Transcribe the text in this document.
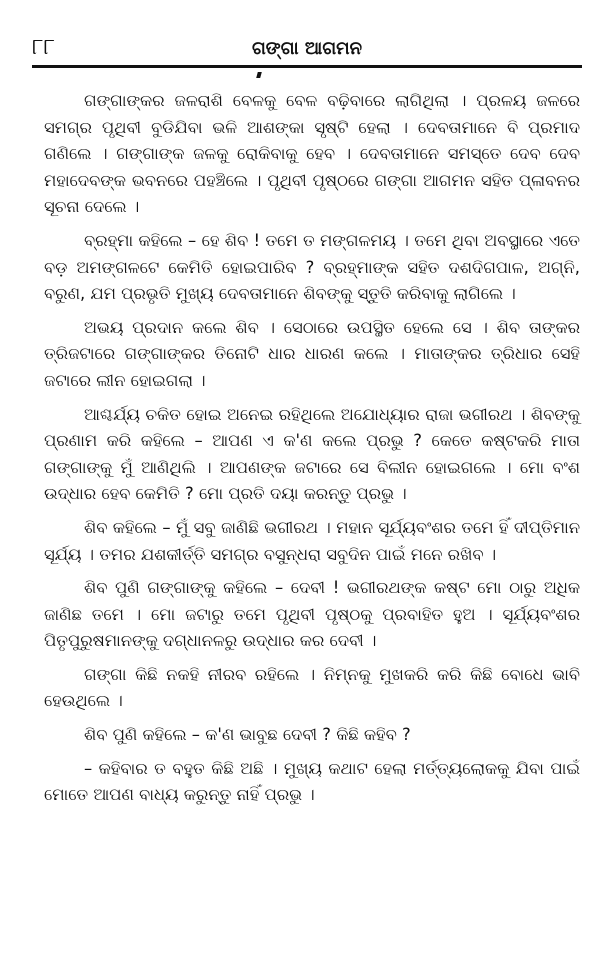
୮୮	ଗଙ୍ଗା ଆଗମନ

ଗଙ୍ଗାଙ୍କର ଜଳରାଶି ବେଳକୁ ବେଳ ବଢ଼ିବାରେ ଲାଗିଥିଲା । ପ୍ରଳୟ ଜଳରେ ସମଗ୍ର ପୃଥିବୀ ବୁଡିଯିବା ଭଳି ଆଶଙ୍କା ସୃଷ୍ଟି ହେଲା । ଦେବତାମାନେ ବି ପ୍ରମାଦ ଗଣିଲେ । ଗଙ୍ଗାଙ୍କ ଜଳକୁ ରୋକିବାକୁ ହେବ । ଦେବତାମାନେ ସମସ୍ତେ ଦେବ ଦେବ ମହାଦେବଙ୍କ ଭବନରେ ପହଞ୍ଚିଲେ । ପୃଥିବୀ ପୃଷ୍ଠରେ ଗଙ୍ଗା ଆଗମନ ସହିତ ପ୍ଳାବନର ସୂଚନା ଦେଲେ ।

ବ୍ରହ୍ମା କହିଲେ – ହେ ଶିବ ! ତମେ ତ ମଙ୍ଗଳମୟ । ତମେ ଥିବା ଅବସ୍ଥାରେ ଏତେ ବଡ଼ ଅମଙ୍ଗଳଟେ କେମିତି ହୋଇପାରିବ ? ବ୍ରହ୍ମାଙ୍କ ସହିତ ଦଶଦିଗପାଳ, ଅଗ୍ନି, ବରୁଣ, ଯମ ପ୍ରଭୃତି ମୁଖ୍ୟ ଦେବତାମାନେ ଶିବଙ୍କୁ ସ୍ତୁତି କରିବାକୁ ଲାଗିଲେ ।

ଅଭୟ ପ୍ରଦାନ କଲେ ଶିବ । ସେଠାରେ ଉପସ୍ଥିତ ହେଲେ ସେ । ଶିବ ତାଙ୍କର ତ୍ରିଜଟାରେ ଗଙ୍ଗାଙ୍କର ତିନୋଟି ଧାର ଧାରଣ କଲେ । ମାତାଙ୍କର ତ୍ରିଧାର ସେହି ଜଟାରେ ଲୀନ ହୋଇଗଲା ।

ଆଶ୍ଚର୍ଯ୍ୟ ଚକିତ ହୋଇ ଅନେଇ ରହିଥିଲେ ଅଯୋଧ୍ୟାର ରାଜା ଭଗୀରଥ । ଶିବଙ୍କୁ ପ୍ରଣାମ କରି କହିଲେ – ଆପଣ ଏ କ'ଣ କଲେ ପ୍ରଭୁ ? କେତେ କଷ୍ଟକରି ମାତା ଗଙ୍ଗାଙ୍କୁ ମୁଁ ଆଣିଥିଲି । ଆପଣଙ୍କ ଜଟାରେ ସେ ବିଲୀନ ହୋଇଗଲେ । ମୋ ବଂଶ ଉଦ୍ଧାର ହେବ କେମିତି ? ମୋ ପ୍ରତି ଦୟା କରନ୍ତୁ ପ୍ରଭୁ ।

ଶିବ କହିଲେ – ମୁଁ ସବୁ ଜାଣିଛି ଭଗୀରଥ । ମହାନ ସୂର୍ଯ୍ୟବଂଶର ତମେ ହିଁ ଦୀପ୍ତିମାନ ସୂର୍ଯ୍ୟ । ତମର ଯଶକୀର୍ତ୍ତି ସମଗ୍ର ବସୁନ୍ଧରା ସବୁଦିନ ପାଇଁ ମନେ ରଖିବ ।

ଶିବ ପୁଣି ଗଙ୍ଗାଙ୍କୁ କହିଲେ – ଦେବୀ ! ଭଗୀରଥଙ୍କ କଷ୍ଟ ମୋ ଠାରୁ ଅଧିକ ଜାଣିଛ ତମେ । ମୋ ଜଟାରୁ ତମେ ପୃଥିବୀ ପୃଷ୍ଠକୁ ପ୍ରବାହିତ ହୁଅ । ସୂର୍ଯ୍ୟବଂଶର ପିତୃପୁରୁଷମାନଙ୍କୁ ଦଗ୍ଧାନଳରୁ ଉଦ୍ଧାର କର ଦେବୀ ।

ଗଙ୍ଗା କିଛି ନକହି ନୀରବ ରହିଲେ । ନିମ୍ନକୁ ମୁଖକରି କରି କିଛି ବୋଧେ ଭାବି ହେଉଥିଲେ ।

ଶିବ ପୁଣି କହିଲେ – କ'ଣ ଭାବୁଛ ଦେବୀ ? କିଛି କହିବ ?

– କହିବାର ତ ବହୁତ କିଛି ଅଛି । ମୁଖ୍ୟ କଥାଟ ହେଲା ମର୍ତ୍ତ୍ୟଲୋକକୁ ଯିବା ପାଇଁ ମୋତେ ଆପଣ ବାଧ୍ୟ କରୁନ୍ତୁ ନାହିଁ ପ୍ରଭୁ ।
